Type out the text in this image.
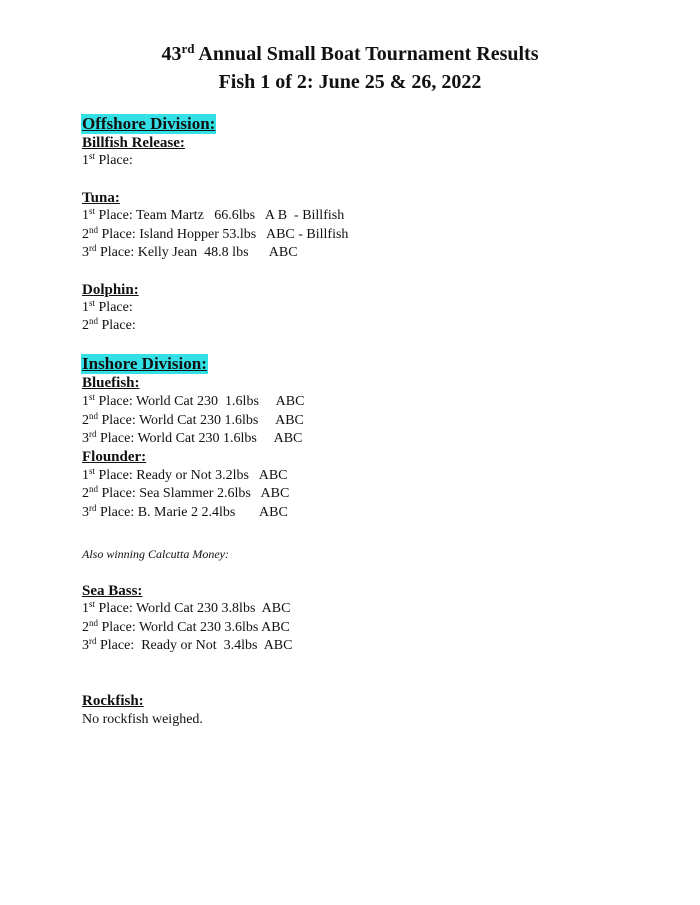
43rd Annual Small Boat Tournament Results
Fish 1 of 2: June 25 & 26, 2022
Offshore Division:
Billfish Release:
1st Place:
Tuna:
1st Place: Team Martz   66.6lbs   A B  - Billfish
2nd Place: Island Hopper 53.lbs   ABC - Billfish
3rd Place: Kelly Jean  48.8 lbs      ABC
Dolphin:
1st Place:
2nd Place:
Inshore Division:
Bluefish:
1st Place: World Cat 230  1.6lbs     ABC
2nd Place: World Cat 230 1.6lbs     ABC
3rd Place: World Cat 230 1.6lbs     ABC
Flounder:
1st Place: Ready or Not 3.2lbs   ABC
2nd Place: Sea Slammer 2.6lbs   ABC
3rd Place: B. Marie 2 2.4lbs       ABC
Also winning Calcutta Money:
Sea Bass:
1st Place: World Cat 230 3.8lbs  ABC
2nd Place: World Cat 230 3.6lbs ABC
3rd Place:  Ready or Not  3.4lbs  ABC
Rockfish:
No rockfish weighed.
